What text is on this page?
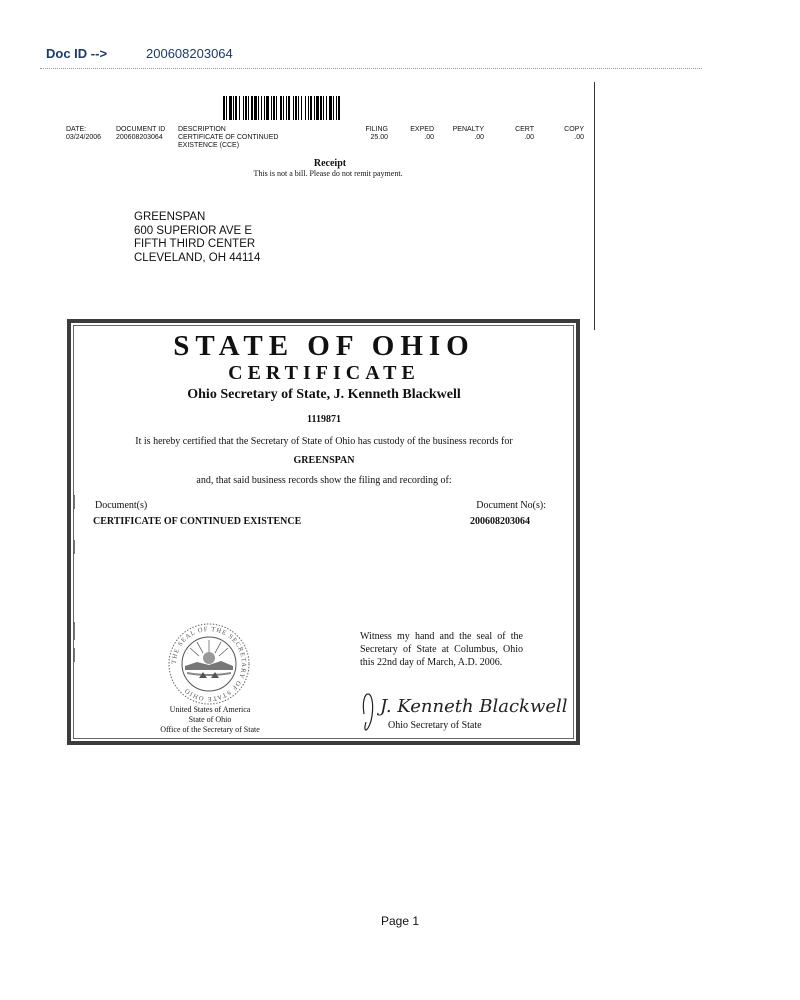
Doc ID -->	200608203064
DATE:	DOCUMENT ID	DESCRIPTION	FILING	EXPED	PENALTY	CERT	COPY
03/24/2006	200608203064	CERTIFICATE OF CONTINUED
EXISTENCE (CCE)	25.00	.00	.00	.00	.00
Receipt
This is not a bill. Please do not remit payment.
GREENSPAN
600 SUPERIOR AVE E
FIFTH THIRD CENTER
CLEVELAND, OH 44114
STATE OF OHIO
CERTIFICATE
Ohio Secretary of State, J. Kenneth Blackwell
1119871
It is hereby certified that the Secretary of State of Ohio has custody of the business records for
GREENSPAN
and, that said business records show the filing and recording of:
Document(s)	Document No(s):
CERTIFICATE OF CONTINUED EXISTENCE	200608203064
THE SEAL OF THE SECRETARY OF STATE OHIO
United States of America
State of Ohio
Office of the Secretary of State
Witness my hand and the seal of the Secretary of State at Columbus, Ohio this 22nd day of March, A.D. 2006.
J. Kenneth Blackwell
Ohio Secretary of State
Page 1
